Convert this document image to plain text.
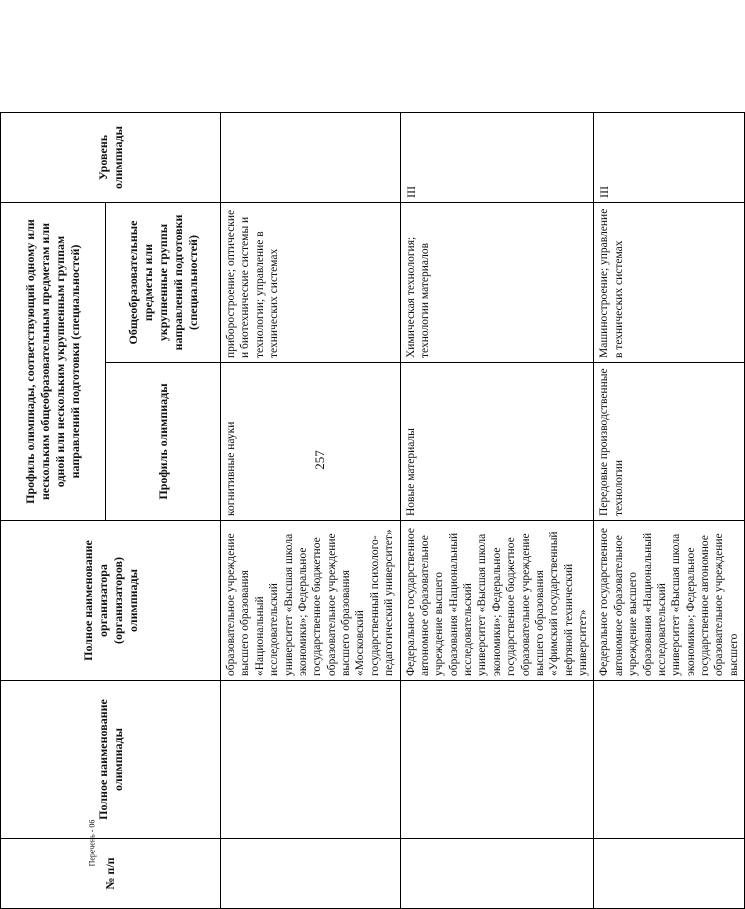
257
№ п/п	Полное наименование олимпиады	Полное наименование организатора (организаторов) олимпиады	Профиль олимпиады, соответствующий одному или нескольким общеобразовательным предметам или одной или нескольким укрупненным группам направлений подготовки (специальностей)		Уровень олимпиады
			Профиль олимпиады	Общеобразовательные предметы или укрупненные группы направлений подготовки (специальностей)	
		образовательное учреждение высшего образования «Национальный исследовательский университет «Высшая школа экономики»; Федеральное государственное бюджетное образовательное учреждение высшего образования «Московский государственный психолого-педагогический университет»	когнитивные науки	приборостроение; оптические и биотехнические системы и технологии; управление в технических системах	
		Федеральное государственное автономное образовательное учреждение высшего образования «Национальный исследовательский университет «Высшая школа экономики»; Федеральное государственное бюджетное образовательное учреждение высшего образования «Уфимский государственный нефтяной технический университет»	Новые материалы	Химическая технология; технологии материалов	III
		Федеральное государственное автономное образовательное учреждение высшего образования «Национальный исследовательский университет «Высшая школа экономики»; Федеральное государственное автономное образовательное учреждение высшего	Передовые производственные технологии	Машиностроение; управление в технических системах	III
Перечень - 06
